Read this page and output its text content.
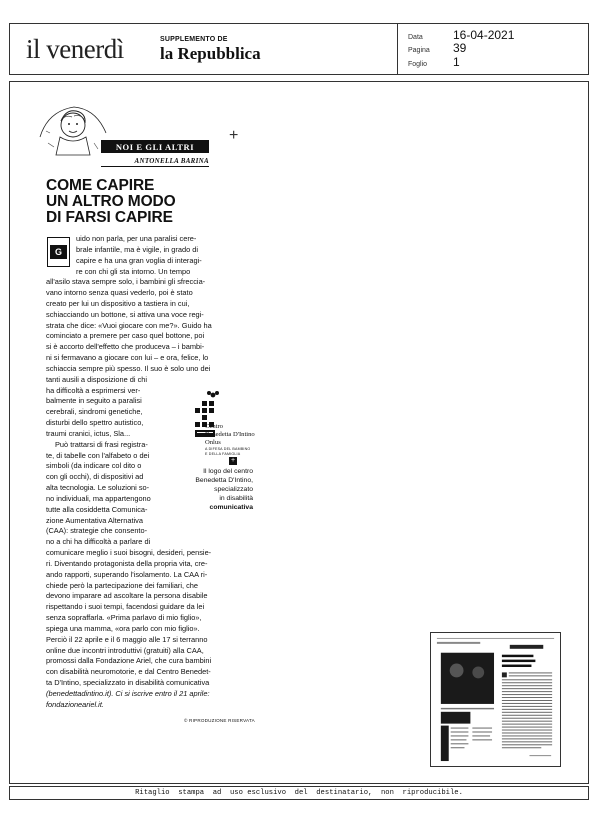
il venerdì	SUPPLEMENTO DE
la Repubblica
Data	16-04-2021
Pagina	39
Foglio	1
+
NOI E GLI ALTRI
ANTONELLA BARINA
COME CAPIRE
UN ALTRO MODO
DI FARSI CAPIRE
G
uido non parla, per una paralisi cere-
brale infantile, ma è vigile, in grado di
capire e ha una gran voglia di interagi-
re con chi gli sta intorno. Un tempo
all'asilo stava sempre solo, i bambini gli sfreccia-
vano intorno senza quasi vederlo, poi è stato
creato per lui un dispositivo a tastiera in cui,
schiacciando un bottone, si attiva una voce regi-
strata che dice: «Vuoi giocare con me?». Guido ha
cominciato a premere per caso quel bottone, poi
si è accorto dell'effetto che produceva – i bambi-
ni si fermavano a giocare con lui – e ora, felice, lo
schiaccia sempre più spesso. Il suo è solo uno dei
tanti ausili a disposizione di chi
ha difficoltà a esprimersi ver-
balmente in seguito a paralisi
cerebrali, sindromi genetiche,
disturbi dello spettro autistico,
traumi cranici, ictus, Sla...
Può trattarsi di frasi registra-
te, di tabelle con l'alfabeto o dei
simboli (da indicare col dito o
con gli occhi), di dispositivi ad
alta tecnologia. Le soluzioni so-
no individuali, ma appartengono
tutte alla cosiddetta Comunica-
zione Aumentativa Alternativa
(CAA): strategie che consento-
no a chi ha difficoltà a parlare di
comunicare meglio i suoi bisogni, desideri, pensie-
ri. Diventando protagonista della propria vita, cre-
ando rapporti, superando l'isolamento. La CAA ri-
chiede però la partecipazione dei familiari, che
devono imparare ad ascoltare la persona disabile
rispettando i suoi tempi, facendosi guidare da lei
senza sopraffarla. «Prima parlavo di mio figlio»,
spiega una mamma, «ora parlo con mio figlio».
Perciò il 22 aprile e il 6 maggio alle 17 si terranno
online due incontri introduttivi (gratuiti) alla CAA,
promossi dalla Fondazione Ariel, che cura bambini
con disabilità neuromotorie, e dal Centro Benedet-
ta D'Intino, specializzato in disabilità comunicativa
(benedettadintino.it). Ci si iscrive entro il 21 aprile:
fondazioneariel.it.
Centro
Benedetta D'Intino
Onlus
A DIFESA DEL BAMBINO
E DELLA FAMIGLIA
+
Il logo del centro
Benedetta D'Intino,
specializzato
in disabilità
comunicativa
© RIPRODUZIONE RISERVATA
Ritaglio  stampa  ad  uso esclusivo  del  destinatario,  non  riproducibile.
